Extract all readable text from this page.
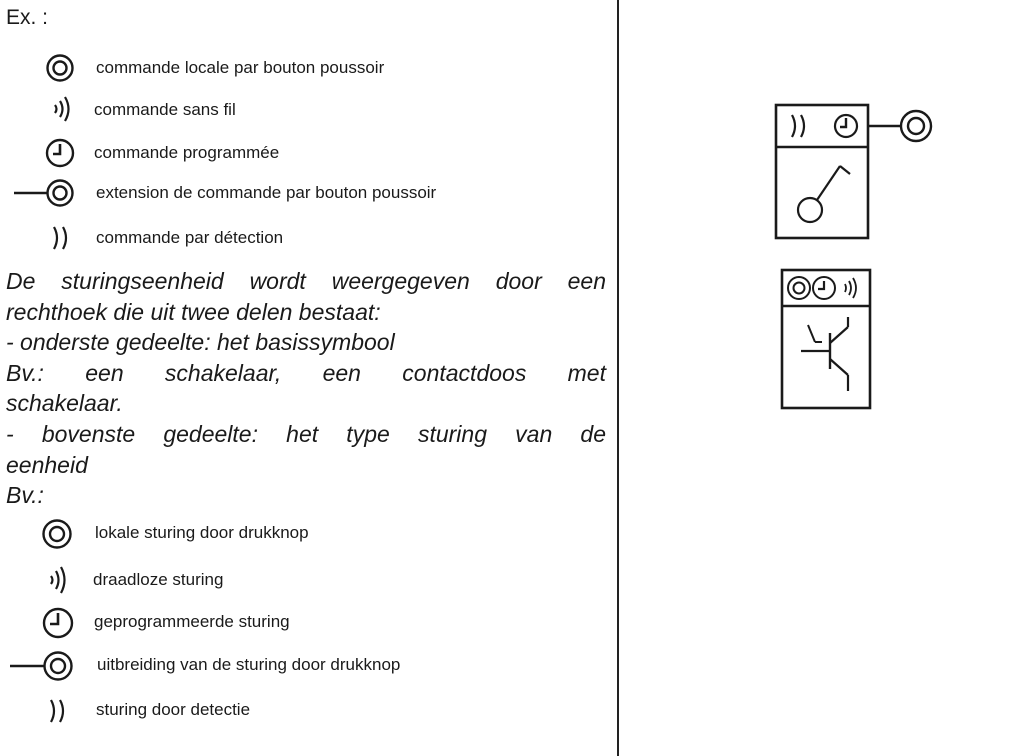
Ex. :
commande locale par bouton poussoir
commande sans fil
commande programmée
extension de commande par bouton poussoir
commande par détection

De sturingseenheid wordt weergegeven door een

rechthoek die uit twee delen bestaat:

- onderste gedeelte: het basissymbool

Bv.: een schakelaar, een contactdoos met

schakelaar.

- bovenste gedeelte: het type sturing van de

eenheid

Bv.:

lokale sturing door drukknop
draadloze sturing
geprogrammeerde sturing
uitbreiding van de sturing door drukknop
sturing door detectie
